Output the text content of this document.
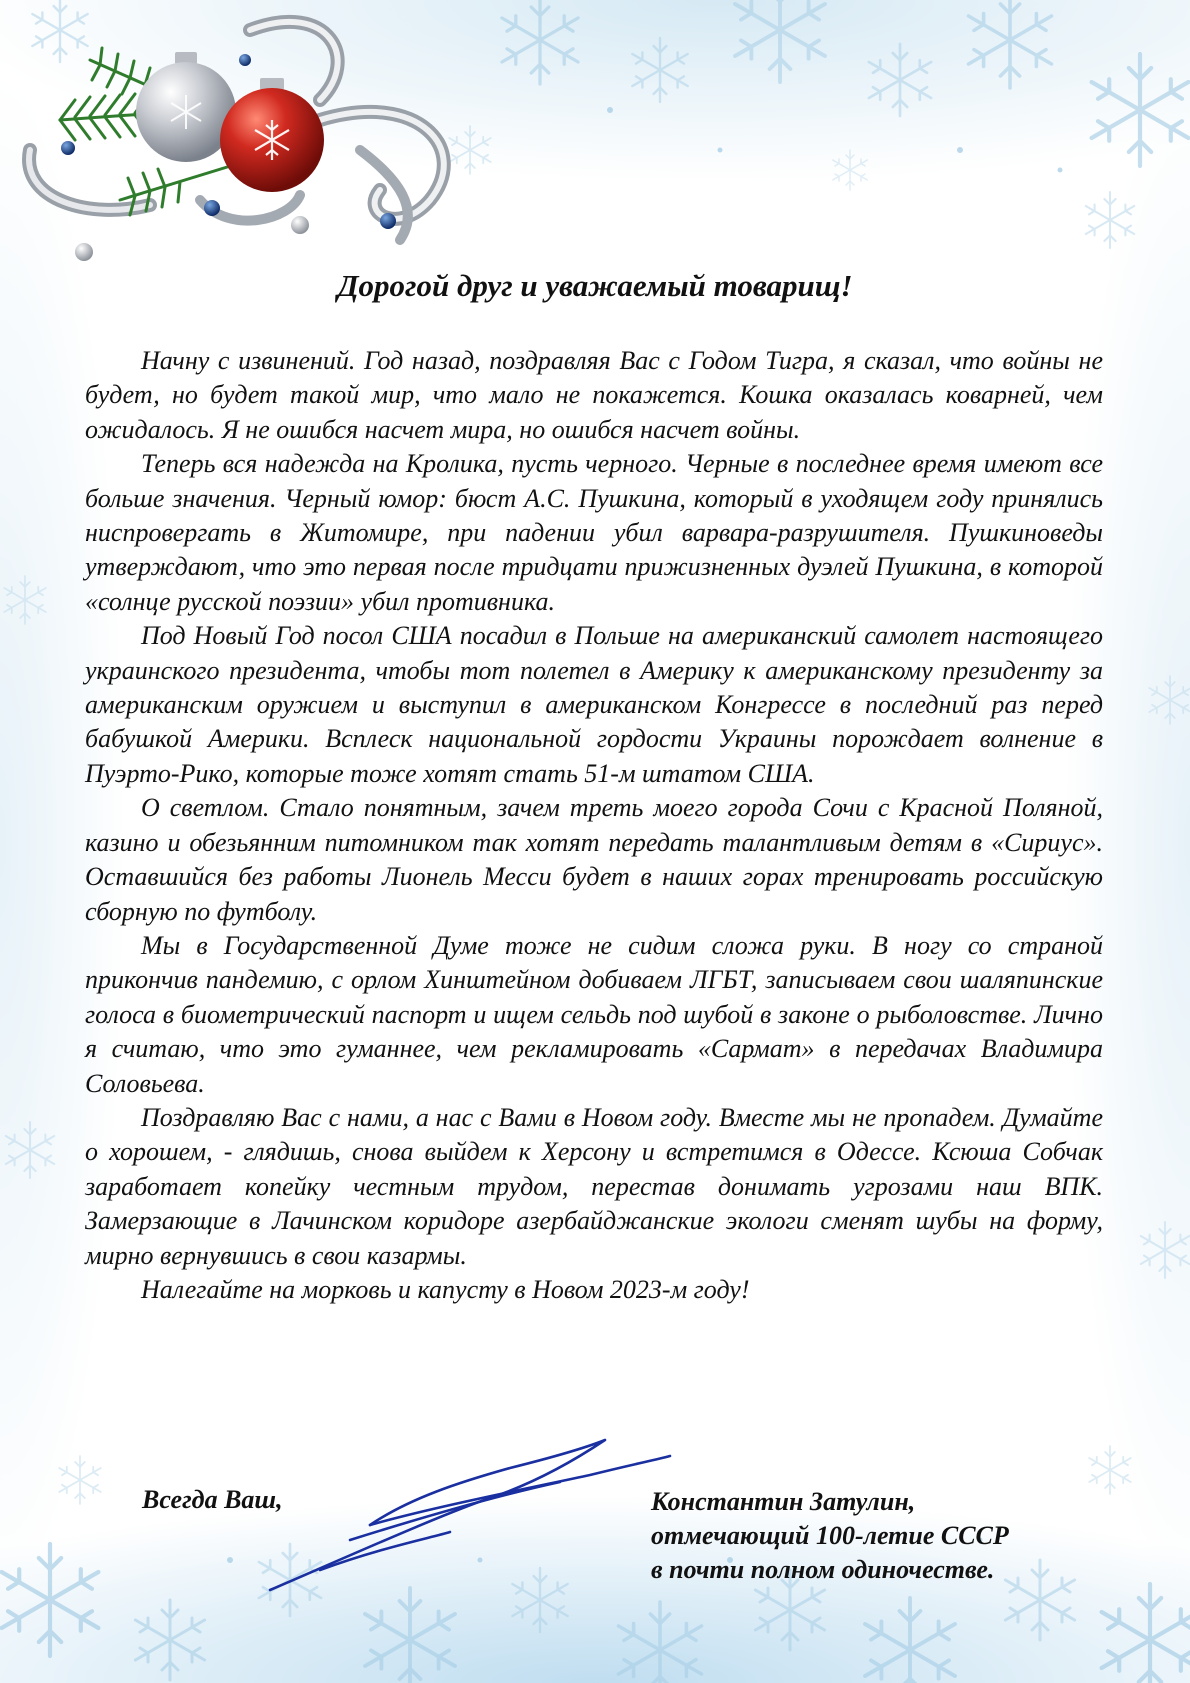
Дорогой друг и уважаемый товарищ!

Начну с извинений. Год назад, поздравляя Вас с Годом Тигра, я сказал, что войны не будет, но будет такой мир, что мало не покажется. Кошка оказалась коварней, чем ожидалось. Я не ошибся насчет мира, но ошибся насчет войны.

Теперь вся надежда на Кролика, пусть черного. Черные в последнее время имеют все больше значения. Черный юмор: бюст А.С. Пушкина, который в уходящем году принялись ниспровергать в Житомире, при падении убил варвара-разрушителя. Пушкиноведы утверждают, что это первая после тридцати прижизненных дуэлей Пушкина, в которой «солнце русской поэзии» убил противника.

Под Новый Год посол США посадил в Польше на американский самолет настоящего украинского президента, чтобы тот полетел в Америку к американскому президенту за американским оружием и выступил в американском Конгрессе в последний раз перед бабушкой Америки. Всплеск национальной гордости Украины порождает волнение в Пуэрто-Рико, которые тоже хотят стать 51-м штатом США.

О светлом. Стало понятным, зачем треть моего города Сочи с Красной Поляной, казино и обезьянним питомником так хотят передать талантливым детям в «Сириус». Оставшийся без работы Лионель Месси будет в наших горах тренировать российскую сборную по футболу.

Мы в Государственной Думе тоже не сидим сложа руки. В ногу со страной прикончив пандемию, с орлом Хинштейном добиваем ЛГБТ, записываем свои шаляпинские голоса в биометрический паспорт и ищем сельдь под шубой в законе о рыболовстве. Лично я считаю, что это гуманнее, чем рекламировать «Сармат» в передачах Владимира Соловьева.

Поздравляю Вас с нами, а нас с Вами в Новом году. Вместе мы не пропадем. Думайте о хорошем, - глядишь, снова выйдем к Херсону и встретимся в Одессе. Ксюша Собчак заработает копейку честным трудом, перестав донимать угрозами наш ВПК. Замерзающие в Лачинском коридоре азербайджанские экологи сменят шубы на форму, мирно вернувшись в свои казармы.

Налегайте на морковь и капусту в Новом 2023-м году!

Всегда Ваш,	Константин Затулин,
отмечающий 100-летие СССР
в почти полном одиночестве.
